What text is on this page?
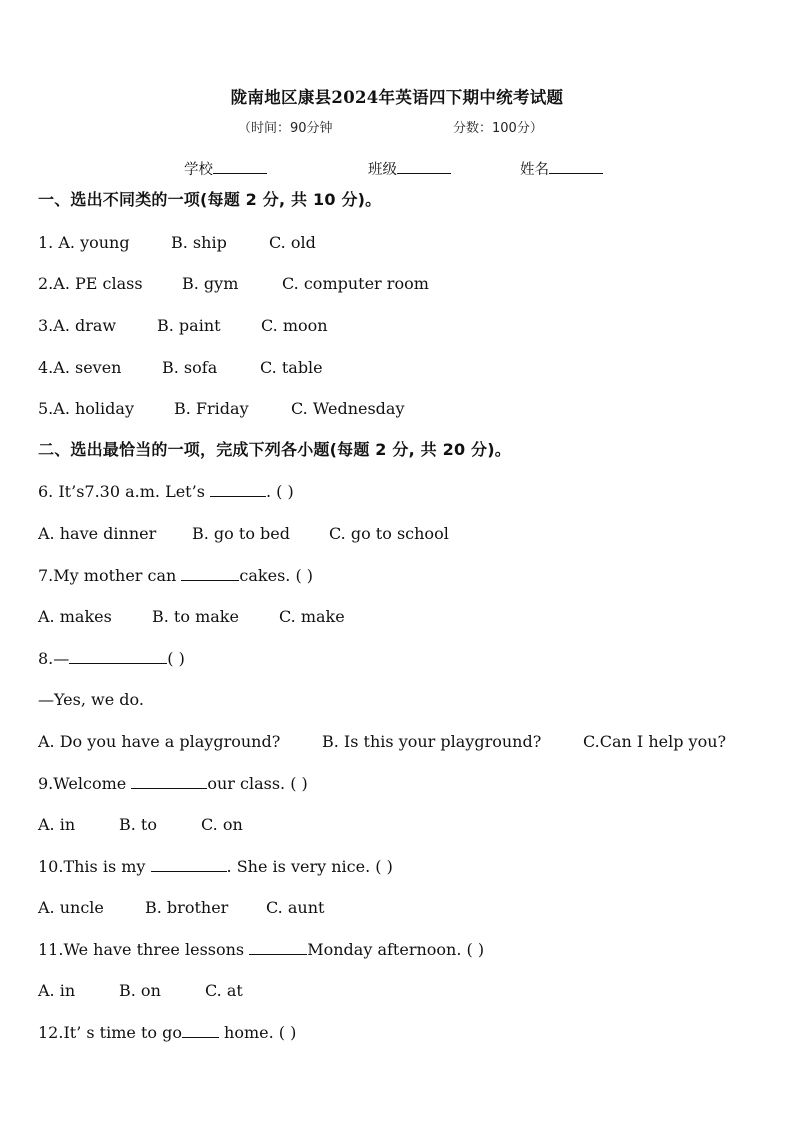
陇南地区康县2024年英语四下期中统考试题
（时间：90分钟	分数：100分）
学校	班级	姓名
一、选出不同类的一项(每题 2 分, 共 10 分)。
1. A. young	B. ship	C. old
2.A. PE class B. gym	C. computer room
3.A. draw	B. paint	C. moon
4.A. seven	B. sofa	C. table
5.A. holiday	B. Friday	C. Wednesday
二、选出最恰当的一项，完成下列各小题(每题 2 分, 共 20 分)。
6. It’s7.30 a.m. Let’s	. ( )
A. have dinner B. go to bed C. go to school
7.My mother can	cakes. ( )
A. makes	B. to make	C. make
8.—	( )
—Yes, we do.
A. Do you have a playground?	B. Is this your playground?	C.Can I help you?
9.Welcome	our class. ( )
A. in	B. to	C. on
10.This is my	. She is very nice. ( )
A. uncle	B. brother C. aunt
11.We have three lessons	Monday afternoon. ( )
A. in	B. on	C. at
12.It’ s time to go home. ( )
